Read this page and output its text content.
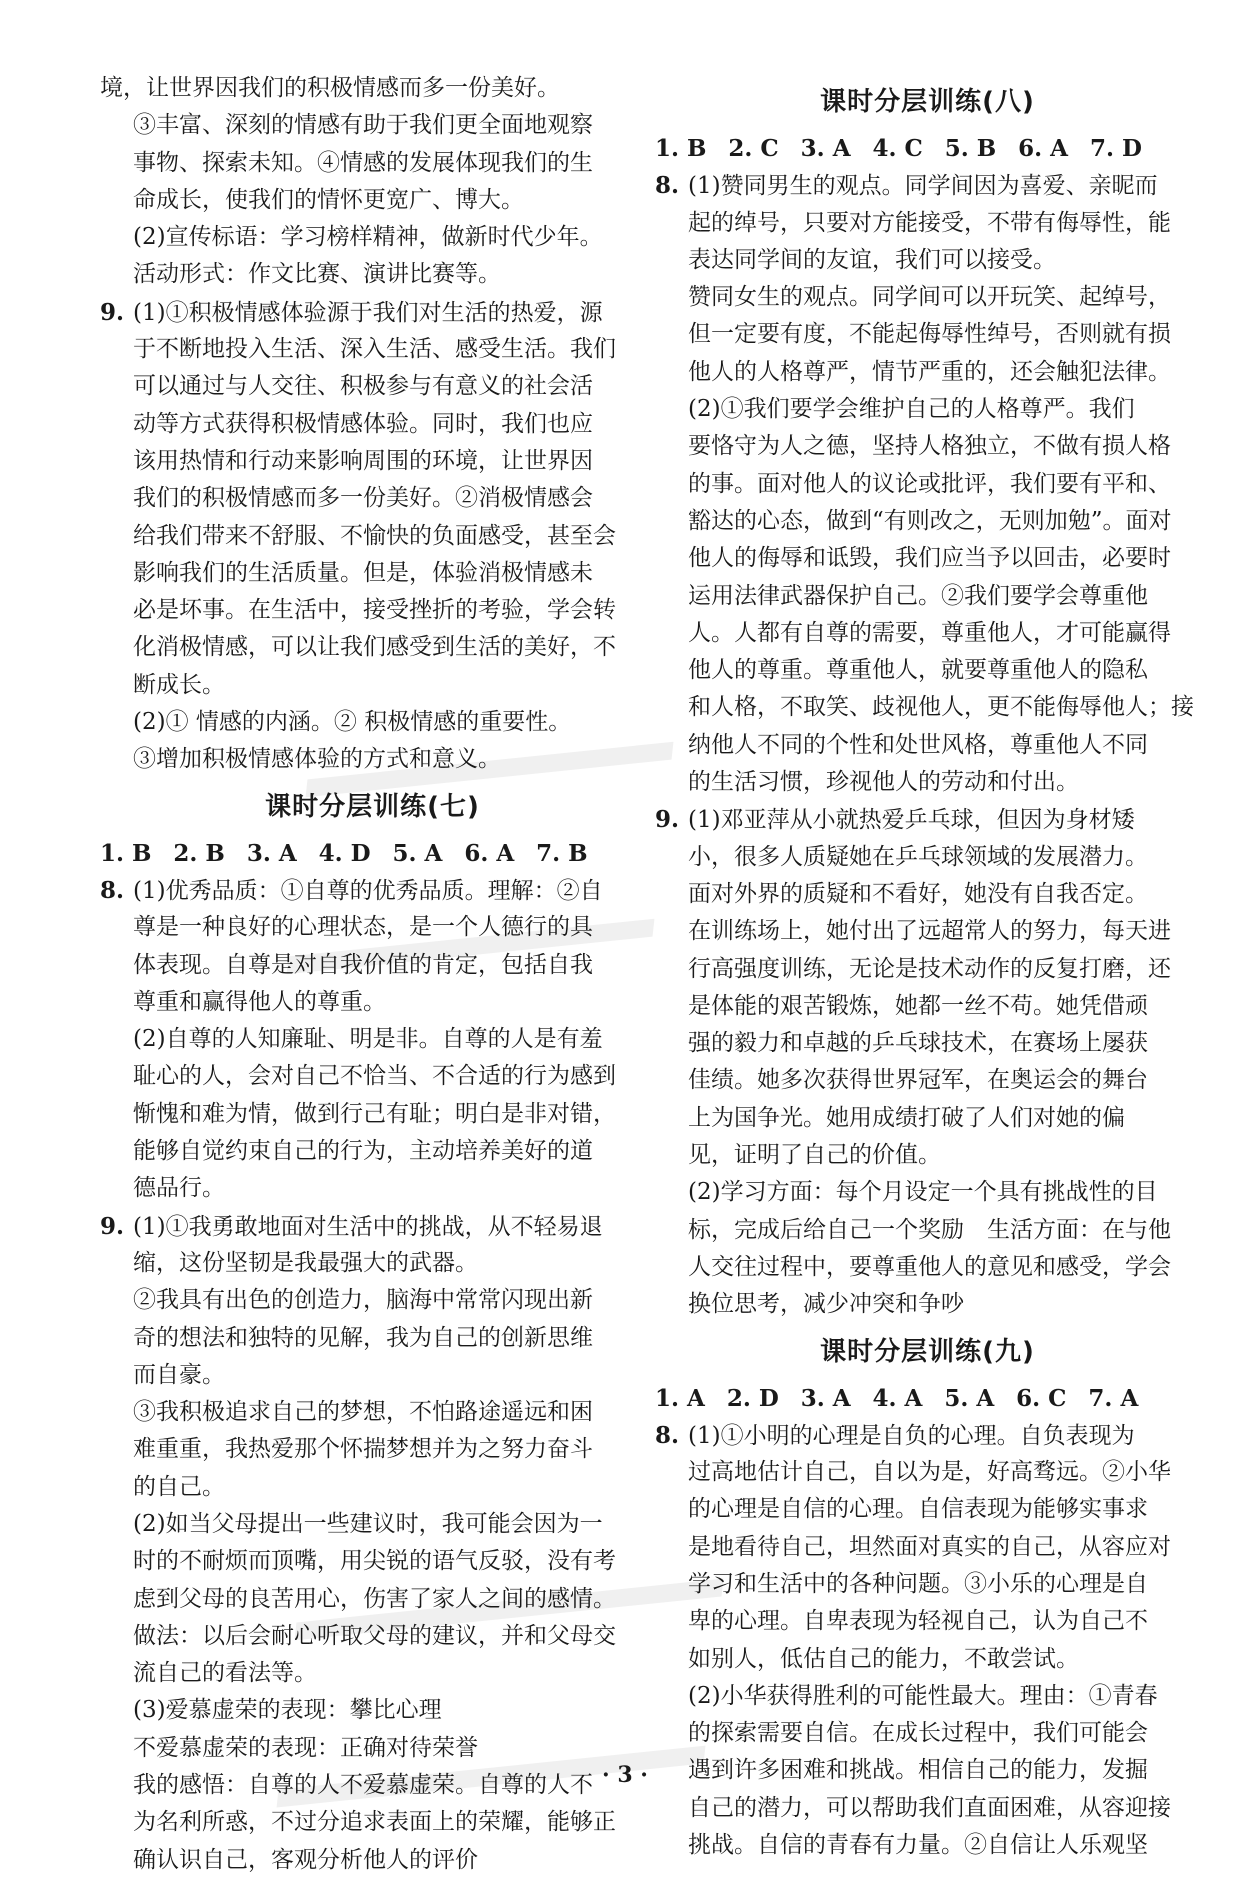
境，让世界因我们的积极情感而多一份美好。
③丰富、深刻的情感有助于我们更全面地观察
事物、探索未知。④情感的发展体现我们的生
命成长，使我们的情怀更宽广、博大。
(2)宣传标语：学习榜样精神，做新时代少年。
活动形式：作文比赛、演讲比赛等。
9. (1)①积极情感体验源于我们对生活的热爱，源
于不断地投入生活、深入生活、感受生活。我们
可以通过与人交往、积极参与有意义的社会活
动等方式获得积极情感体验。同时，我们也应
该用热情和行动来影响周围的环境，让世界因
我们的积极情感而多一份美好。②消极情感会
给我们带来不舒服、不愉快的负面感受，甚至会
影响我们的生活质量。但是，体验消极情感未
必是坏事。在生活中，接受挫折的考验，学会转
化消极情感，可以让我们感受到生活的美好，不
断成长。
(2)① 情感的内涵。② 积极情感的重要性。
③增加积极情感体验的方式和意义。
课时分层训练(七)
1. B 2. B 3. A 4. D 5. A 6. A 7. B
8. (1)优秀品质：①自尊的优秀品质。理解：②自
尊是一种良好的心理状态，是一个人德行的具
体表现。自尊是对自我价值的肯定，包括自我
尊重和赢得他人的尊重。
(2)自尊的人知廉耻、明是非。自尊的人是有羞
耻心的人，会对自己不恰当、不合适的行为感到
惭愧和难为情，做到行己有耻；明白是非对错，
能够自觉约束自己的行为，主动培养美好的道
德品行。
9. (1)①我勇敢地面对生活中的挑战，从不轻易退
缩，这份坚韧是我最强大的武器。
②我具有出色的创造力，脑海中常常闪现出新
奇的想法和独特的见解，我为自己的创新思维
而自豪。
③我积极追求自己的梦想，不怕路途遥远和困
难重重，我热爱那个怀揣梦想并为之努力奋斗
的自己。
(2)如当父母提出一些建议时，我可能会因为一
时的不耐烦而顶嘴，用尖锐的语气反驳，没有考
虑到父母的良苦用心，伤害了家人之间的感情。
做法：以后会耐心听取父母的建议，并和父母交
流自己的看法等。
(3)爱慕虚荣的表现：攀比心理
不爱慕虚荣的表现：正确对待荣誉
我的感悟：自尊的人不爱慕虚荣。自尊的人不
为名利所惑，不过分追求表面上的荣耀，能够正
确认识自己，客观分析他人的评价
课时分层训练(八)
1. B 2. C 3. A 4. C 5. B 6. A 7. D
8. (1)赞同男生的观点。同学间因为喜爱、亲昵而
起的绰号，只要对方能接受，不带有侮辱性，能
表达同学间的友谊，我们可以接受。
赞同女生的观点。同学间可以开玩笑、起绰号，
但一定要有度，不能起侮辱性绰号，否则就有损
他人的人格尊严，情节严重的，还会触犯法律。
(2)①我们要学会维护自己的人格尊严。我们
要恪守为人之德，坚持人格独立，不做有损人格
的事。面对他人的议论或批评，我们要有平和、
豁达的心态，做到“有则改之，无则加勉”。面对
他人的侮辱和诋毁，我们应当予以回击，必要时
运用法律武器保护自己。②我们要学会尊重他
人。人都有自尊的需要，尊重他人，才可能赢得
他人的尊重。尊重他人，就要尊重他人的隐私
和人格，不取笑、歧视他人，更不能侮辱他人；接
纳他人不同的个性和处世风格，尊重他人不同
的生活习惯，珍视他人的劳动和付出。
9. (1)邓亚萍从小就热爱乒乓球，但因为身材矮
小，很多人质疑她在乒乓球领域的发展潜力。
面对外界的质疑和不看好，她没有自我否定。
在训练场上，她付出了远超常人的努力，每天进
行高强度训练，无论是技术动作的反复打磨，还
是体能的艰苦锻炼，她都一丝不苟。她凭借顽
强的毅力和卓越的乒乓球技术，在赛场上屡获
佳绩。她多次获得世界冠军，在奥运会的舞台
上为国争光。她用成绩打破了人们对她的偏
见，证明了自己的价值。
(2)学习方面：每个月设定一个具有挑战性的目
标，完成后给自己一个奖励　生活方面：在与他
人交往过程中，要尊重他人的意见和感受，学会
换位思考，减少冲突和争吵
课时分层训练(九)
1. A 2. D 3. A 4. A 5. A 6. C 7. A
8. (1)①小明的心理是自负的心理。自负表现为
过高地估计自己，自以为是，好高骛远。②小华
的心理是自信的心理。自信表现为能够实事求
是地看待自己，坦然面对真实的自己，从容应对
学习和生活中的各种问题。③小乐的心理是自
卑的心理。自卑表现为轻视自己，认为自己不
如别人，低估自己的能力，不敢尝试。
(2)小华获得胜利的可能性最大。理由：①青春
的探索需要自信。在成长过程中，我们可能会
遇到许多困难和挑战。相信自己的能力，发掘
自己的潜力，可以帮助我们直面困难，从容迎接
挑战。自信的青春有力量。②自信让人乐观坚
· 3 ·
